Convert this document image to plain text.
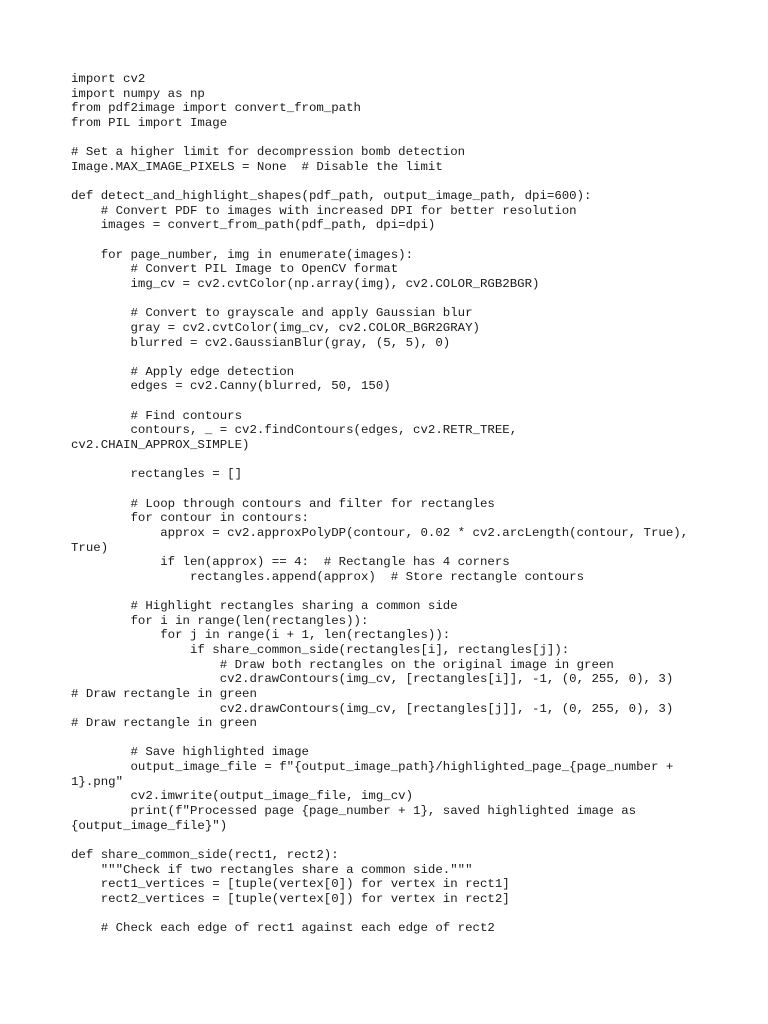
import cv2
import numpy as np
from pdf2image import convert_from_path
from PIL import Image
# Set a higher limit for decompression bomb detection
Image.MAX_IMAGE_PIXELS = None  # Disable the limit
def detect_and_highlight_shapes(pdf_path, output_image_path, dpi=600):
# Convert PDF to images with increased DPI for better resolution
images = convert_from_path(pdf_path, dpi=dpi)
for page_number, img in enumerate(images):
# Convert PIL Image to OpenCV format
img_cv = cv2.cvtColor(np.array(img), cv2.COLOR_RGB2BGR)
# Convert to grayscale and apply Gaussian blur
gray = cv2.cvtColor(img_cv, cv2.COLOR_BGR2GRAY)
blurred = cv2.GaussianBlur(gray, (5, 5), 0)
# Apply edge detection
edges = cv2.Canny(blurred, 50, 150)
# Find contours
contours, _ = cv2.findContours(edges, cv2.RETR_TREE,
cv2.CHAIN_APPROX_SIMPLE)
rectangles = []
# Loop through contours and filter for rectangles
for contour in contours:
approx = cv2.approxPolyDP(contour, 0.02 * cv2.arcLength(contour, True),
True)
if len(approx) == 4:  # Rectangle has 4 corners
rectangles.append(approx)  # Store rectangle contours
# Highlight rectangles sharing a common side
for i in range(len(rectangles)):
for j in range(i + 1, len(rectangles)):
if share_common_side(rectangles[i], rectangles[j]):
# Draw both rectangles on the original image in green
cv2.drawContours(img_cv, [rectangles[i]], -1, (0, 255, 0), 3)
# Draw rectangle in green
cv2.drawContours(img_cv, [rectangles[j]], -1, (0, 255, 0), 3)
# Draw rectangle in green
# Save highlighted image
output_image_file = f"{output_image_path}/highlighted_page_{page_number +
1}.png"
cv2.imwrite(output_image_file, img_cv)
print(f"Processed page {page_number + 1}, saved highlighted image as
{output_image_file}")
def share_common_side(rect1, rect2):
"""Check if two rectangles share a common side."""
rect1_vertices = [tuple(vertex[0]) for vertex in rect1]
rect2_vertices = [tuple(vertex[0]) for vertex in rect2]
# Check each edge of rect1 against each edge of rect2
